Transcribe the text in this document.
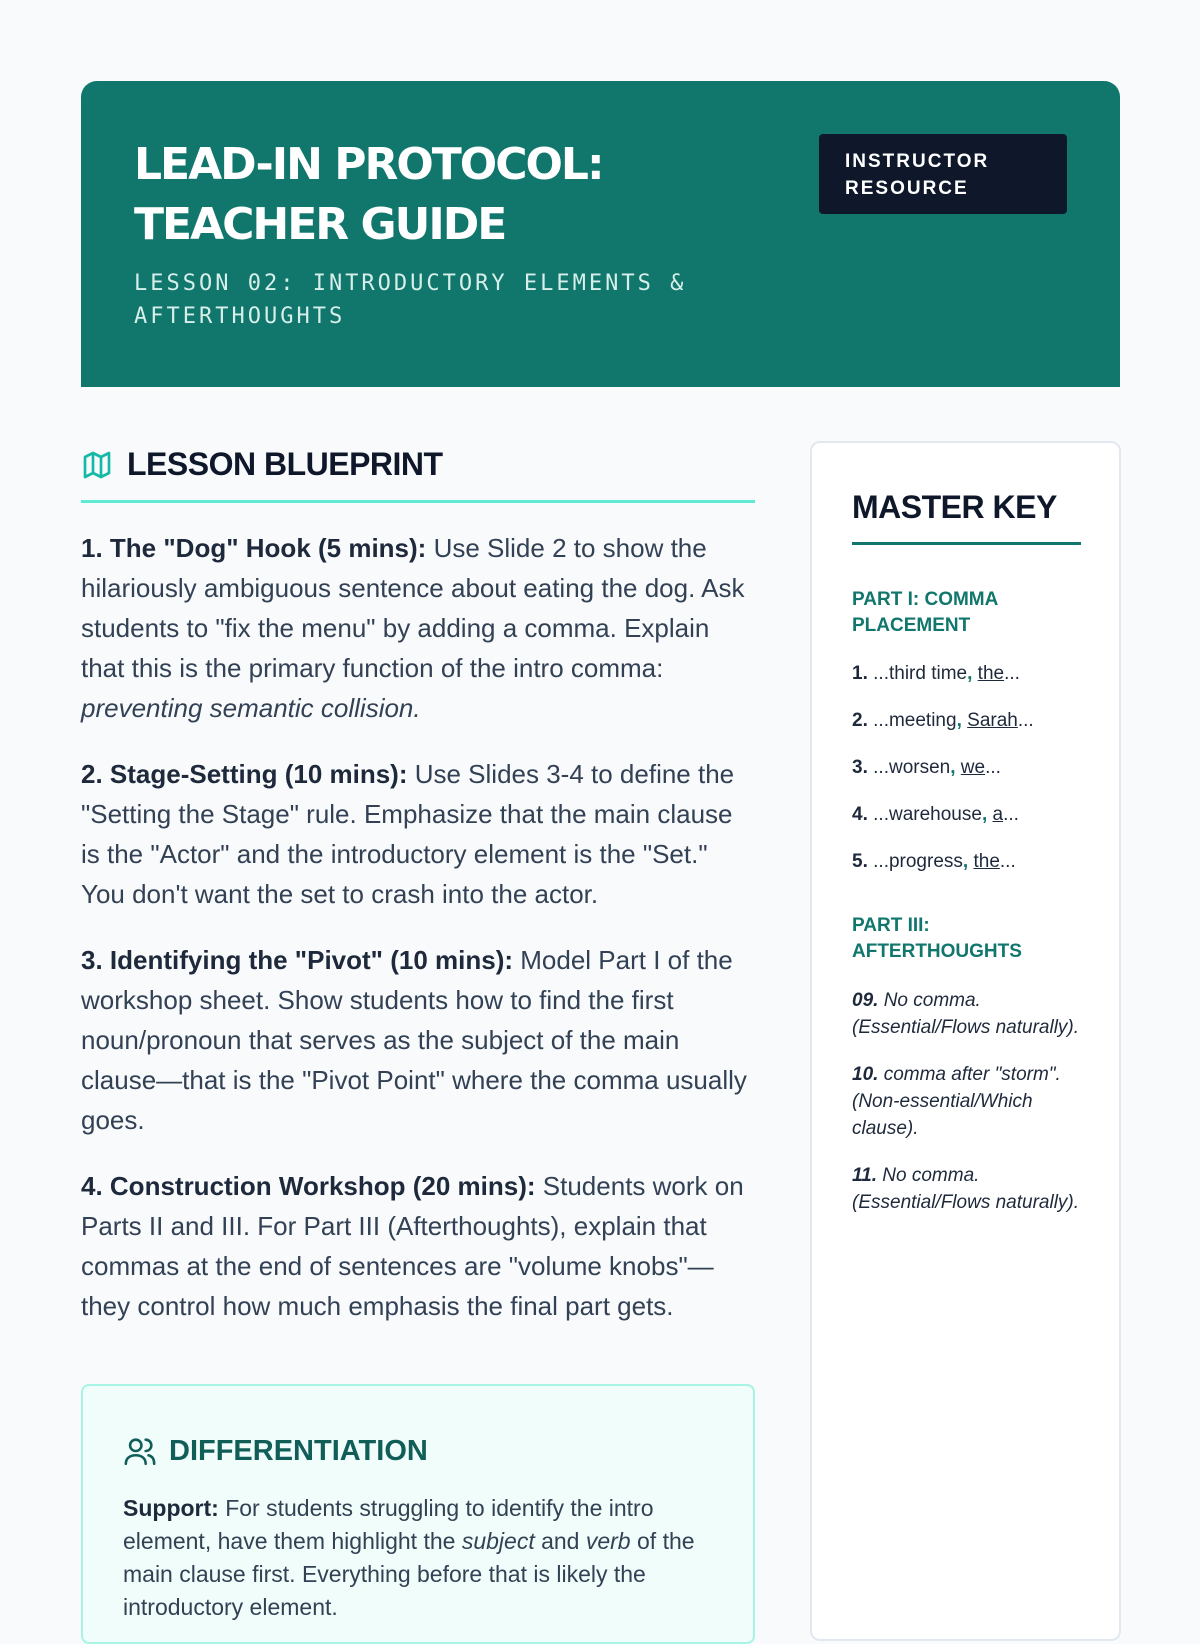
LEAD-IN PROTOCOL: TEACHER GUIDE
LESSON 02: INTRODUCTORY ELEMENTS & AFTERTHOUGHTS
INSTRUCTOR RESOURCE
LESSON BLUEPRINT

1. The "Dog" Hook (5 mins): Use Slide 2 to show the hilariously ambiguous sentence about eating the dog. Ask students to "fix the menu" by adding a comma. Explain that this is the primary function of the intro comma: preventing semantic collision.

2. Stage-Setting (10 mins): Use Slides 3-4 to define the "Setting the Stage" rule. Emphasize that the main clause is the "Actor" and the introductory element is the "Set." You don't want the set to crash into the actor.

3. Identifying the "Pivot" (10 mins): Model Part I of the workshop sheet. Show students how to find the first noun/pronoun that serves as the subject of the main clause—that is the "Pivot Point" where the comma usually goes.

4. Construction Workshop (20 mins): Students work on Parts II and III. For Part III (Afterthoughts), explain that commas at the end of sentences are "volume knobs"—they control how much emphasis the final part gets.

DIFFERENTIATION

Support: For students struggling to identify the intro element, have them highlight the subject and verb of the main clause first. Everything before that is likely the introductory element.

MASTER KEY
PART I: COMMA PLACEMENT
1. ...third time, the...
2. ...meeting, Sarah...
3. ...worsen, we...
4. ...warehouse, a...
5. ...progress, the...
PART III: AFTERTHOUGHTS
09. No comma. (Essential/Flows naturally).
10. comma after "storm". (Non-essential/Which clause).
11. No comma. (Essential/Flows naturally).
